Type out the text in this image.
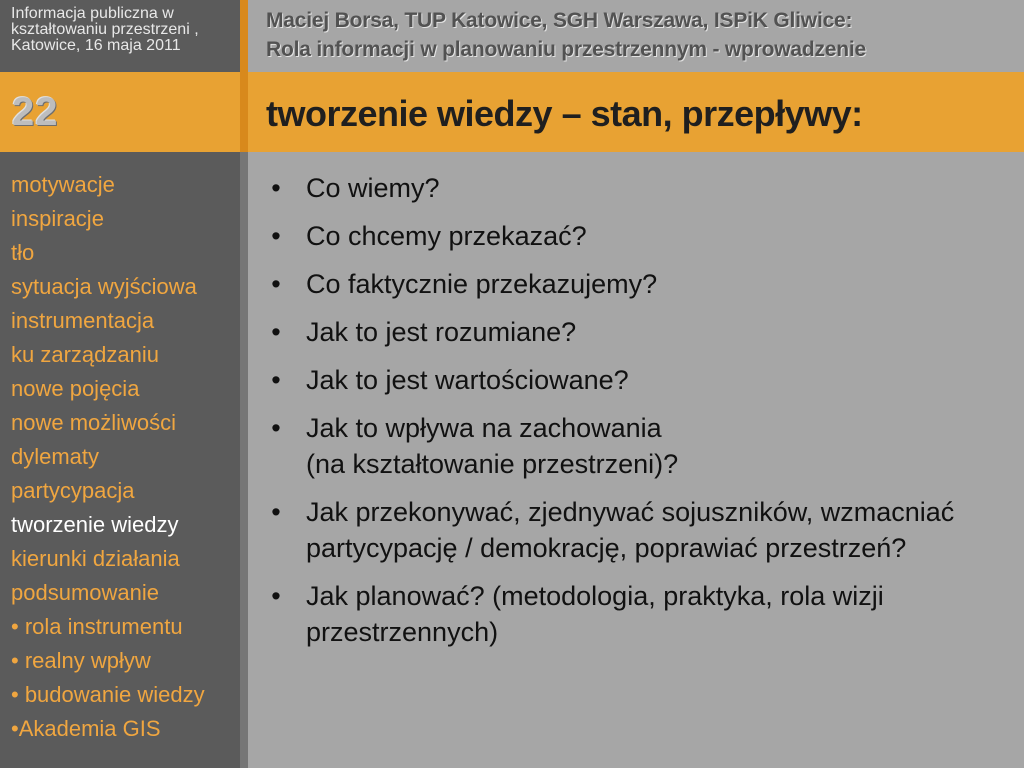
Informacja publiczna w kształtowaniu przestrzeni , Katowice, 16 maja 2011
Maciej Borsa, TUP Katowice, SGH Warszawa, ISPiK Gliwice:
Rola informacji w planowaniu przestrzennym - wprowadzenie
22	tworzenie wiedzy – stan, przepływy:
motywacje
inspiracje
tło
sytuacja wyjściowa
instrumentacja
ku zarządzaniu
nowe pojęcia
nowe możliwości
dylematy
partycypacja
tworzenie wiedzy
kierunki działania
podsumowanie
• rola instrumentu
• realny wpływ
• budowanie wiedzy
•Akademia GIS
• Co wiemy?
• Co chcemy przekazać?
• Co faktycznie przekazujemy?
• Jak to jest rozumiane?
• Jak to jest wartościowane?
• Jak to wpływa na zachowania
(na kształtowanie przestrzeni)?
• Jak przekonywać, zjednywać sojuszników, wzmacniać
partycypację / demokrację, poprawiać przestrzeń?
• Jak planować? (metodologia, praktyka, rola wizji
przestrzennych)
